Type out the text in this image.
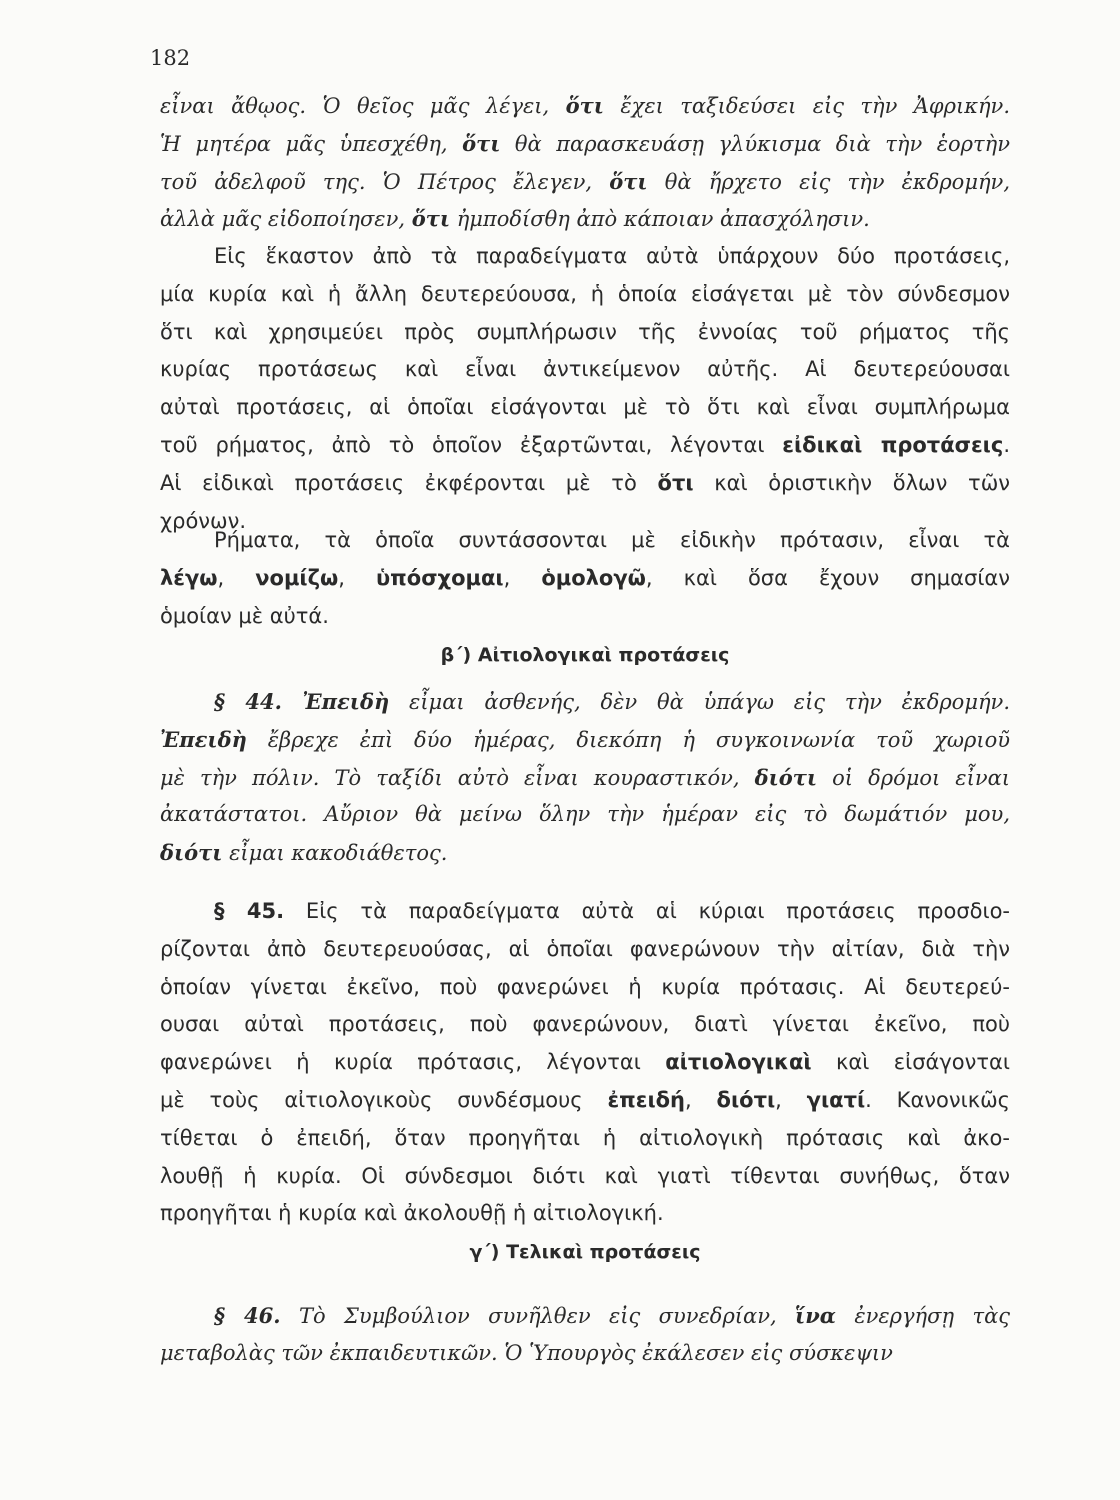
182
εἶναι ἄθῳος. Ὁ θεῖος μᾶς λέγει, ὅτι ἔχει ταξιδεύσει εἰς τὴν Ἀφρικήν.
Ἡ μητέρα μᾶς ὑπεσχέθη, ὅτι θὰ παρασκευάσῃ γλύκισμα διὰ τὴν ἑορτὴν
τοῦ ἀδελφοῦ της. Ὁ Πέτρος ἔλεγεν, ὅτι θὰ ἤρχετο εἰς τὴν ἐκδρομήν,
ἀλλὰ μᾶς εἰδοποίησεν, ὅτι ἠμποδίσθη ἀπὸ κάποιαν ἀπασχόλησιν.
Εἰς ἕκαστον ἀπὸ τὰ παραδείγματα αὐτὰ ὑπάρχουν δύο προτάσεις,
μία κυρία καὶ ἡ ἄλλη δευτερεύουσα, ἡ ὁποία εἰσάγεται μὲ τὸν σύνδεσμον
ὅτι καὶ χρησιμεύει πρὸς συμπλήρωσιν τῆς ἐννοίας τοῦ ρήματος τῆς
κυρίας προτάσεως καὶ εἶναι ἀντικείμενον αὐτῆς. Αἱ δευτερεύουσαι
αὐταὶ προτάσεις, αἱ ὁποῖαι εἰσάγονται μὲ τὸ ὅτι καὶ εἶναι συμπλήρωμα
τοῦ ρήματος, ἀπὸ τὸ ὁποῖον ἐξαρτῶνται, λέγονται εἰδικαὶ προτάσεις.
Αἱ εἰδικαὶ προτάσεις ἐκφέρονται μὲ τὸ ὅτι καὶ ὁριστικὴν ὅλων τῶν
χρόνων.
Ρήματα, τὰ ὁποῖα συντάσσονται μὲ εἰδικὴν πρότασιν, εἶναι τὰ
λέγω, νομίζω, ὑπόσχομαι, ὁμολογῶ, καὶ ὅσα ἔχουν σημασίαν
ὁμοίαν μὲ αὐτά.
β΄) Αἰτιολογικαὶ προτάσεις
§ 44. Ἐπειδὴ εἶμαι ἀσθενής, δὲν θὰ ὑπάγω εἰς τὴν ἐκδρομήν.
Ἐπειδὴ ἔβρεχε ἐπὶ δύο ἡμέρας, διεκόπη ἡ συγκοινωνία τοῦ χωριοῦ
μὲ τὴν πόλιν. Τὸ ταξίδι αὐτὸ εἶναι κουραστικόν, διότι οἱ δρόμοι εἶναι
ἀκατάστατοι. Αὔριον θὰ μείνω ὅλην τὴν ἡμέραν εἰς τὸ δωμάτιόν μου,
διότι εἶμαι κακοδιάθετος.
§ 45. Εἰς τὰ παραδείγματα αὐτὰ αἱ κύριαι προτάσεις προσδιο-
ρίζονται ἀπὸ δευτερευούσας, αἱ ὁποῖαι φανερώνουν τὴν αἰτίαν, διὰ τὴν
ὁποίαν γίνεται ἐκεῖνο, ποὺ φανερώνει ἡ κυρία πρότασις. Αἱ δευτερεύ-
ουσαι αὐταὶ προτάσεις, ποὺ φανερώνουν, διατὶ γίνεται ἐκεῖνο, ποὺ
φανερώνει ἡ κυρία πρότασις, λέγονται αἰτιολογικαὶ καὶ εἰσάγονται
μὲ τοὺς αἰτιολογικοὺς συνδέσμους ἐπειδή, διότι, γιατί. Κανονικῶς
τίθεται ὁ ἐπειδή, ὅταν προηγῆται ἡ αἰτιολογικὴ πρότασις καὶ ἀκο-
λουθῇ ἡ κυρία. Οἱ σύνδεσμοι διότι καὶ γιατὶ τίθενται συνήθως, ὅταν
προηγῆται ἡ κυρία καὶ ἀκολουθῇ ἡ αἰτιολογική.
γ΄) Τελικαὶ προτάσεις
§ 46. Τὸ Συμβούλιον συνῆλθεν εἰς συνεδρίαν, ἵνα ἐνεργήσῃ τὰς
μεταβολὰς τῶν ἐκπαιδευτικῶν. Ὁ Ὑπουργὸς ἐκάλεσεν εἰς σύσκεψιν
